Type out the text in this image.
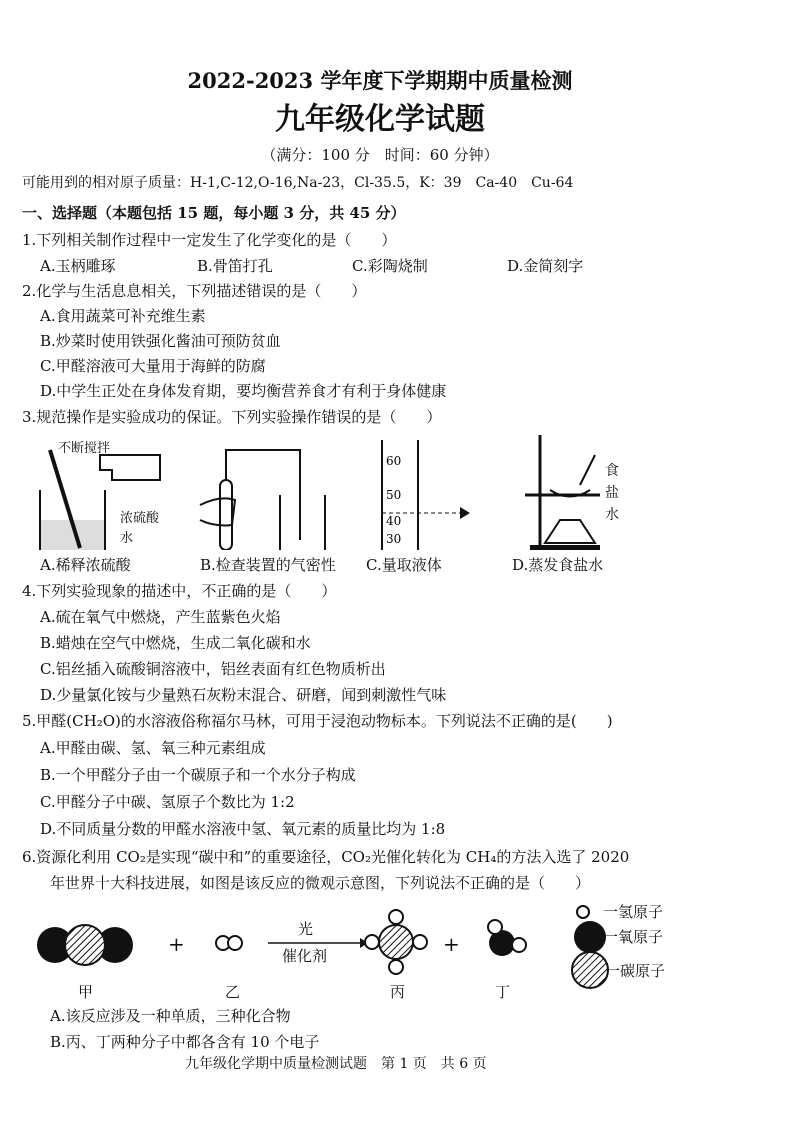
2022-2023 学年度下学期期中质量检测
九年级化学试题
（满分：100 分　时间：60 分钟）
可能用到的相对原子质量：H-1,C-12,O-16,Na-23，Cl-35.5，K：39　Ca-40　Cu-64
一、选择题（本题包括 15 题，每小题 3 分，共 45 分）
1.下列相关制作过程中一定发生了化学变化的是（　　）
A.玉柄雕琢	B.骨笛打孔	C.彩陶烧制	D.金简刻字
2.化学与生活息息相关，下列描述错误的是（　　）
A.食用蔬菜可补充维生素
B.炒菜时使用铁强化酱油可预防贫血
C.甲醛溶液可大量用于海鲜的防腐
D.中学生正处在身体发育期，要均衡营养食才有利于身体健康
3.规范操作是实验成功的保证。下列实验操作错误的是（　　）
60
50
40
30
不断搅拌
浓硫酸
水
食盐水
A.稀释浓硫酸	B.检查装置的气密性 C.量取液体	D.蒸发食盐水
4.下列实验现象的描述中，不正确的是（　　）
A.硫在氧气中燃烧，产生蓝紫色火焰
B.蜡烛在空气中燃烧，生成二氧化碳和水
C.铝丝插入硫酸铜溶液中，铝丝表面有红色物质析出
D.少量氯化铵与少量熟石灰粉末混合、研磨，闻到刺激性气味
5.甲醛(CH₂O)的水溶液俗称福尔马林，可用于浸泡动物标本。下列说法不正确的是(　　)
A.甲醛由碳、氢、氧三种元素组成
B.一个甲醛分子由一个碳原子和一个水分子构成
C.甲醛分子中碳、氢原子个数比为 1:2
D.不同质量分数的甲醛水溶液中氢、氧元素的质量比均为 1:8
6.资源化利用 CO₂是实现“碳中和”的重要途径，CO₂光催化转化为 CH₄的方法入选了 2020
年世界十大科技进展，如图是该反应的微观示意图，下列说法不正确的是（　　）
+	+
光
催化剂
一氢原子
一氧原子
一碳原子
甲	乙	丙	丁
A.该反应涉及一种单质，三种化合物
B.丙、丁两种分子中都各含有 10 个电子
九年级化学期中质量检测试题　第 1 页　共 6 页
